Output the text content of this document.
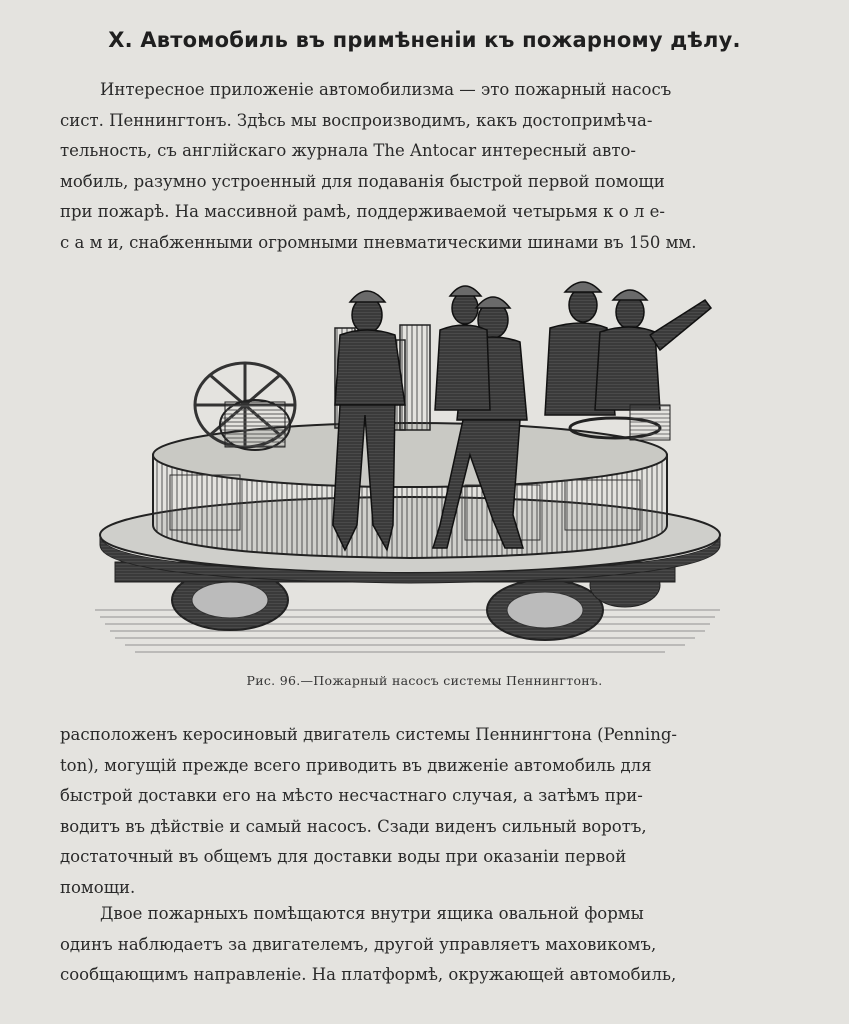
X. Автомобиль въ примѣненіи къ пожарному дѣлу.
Интересное приложеніе автомобилизма — это пожарный насосъ
сист. Пеннингтонъ. Здѣсь мы воспроизводимъ, какъ достопримѣча-
тельность, съ англійскаго журнала The Antocar интересный авто-
мобиль, разумно устроенный для подаванія быстрой первой помощи
при пожарѣ. На массивной рамѣ, поддерживаемой четырьмя к о л е-
с а м и, снабженными огромными пневматическими шинами въ 150 мм.
Рис. 96.—Пожарный насосъ системы Пеннингтонъ.
расположенъ керосиновый двигатель системы Пеннингтона (Penning-
ton), могущій прежде всего приводить въ движеніе автомобиль для
быстрой доставки его на мѣсто несчастнаго случая, а затѣмъ при-
водитъ въ дѣйствіе и самый насосъ. Сзади виденъ сильный воротъ,
достаточный въ общемъ для доставки воды при оказаніи первой
помощи.
Двое пожарныхъ помѣщаются внутри ящика овальной формы
одинъ наблюдаетъ за двигателемъ, другой управляетъ маховикомъ,
сообщающимъ направленіе. На платформѣ, окружающей автомобиль,
